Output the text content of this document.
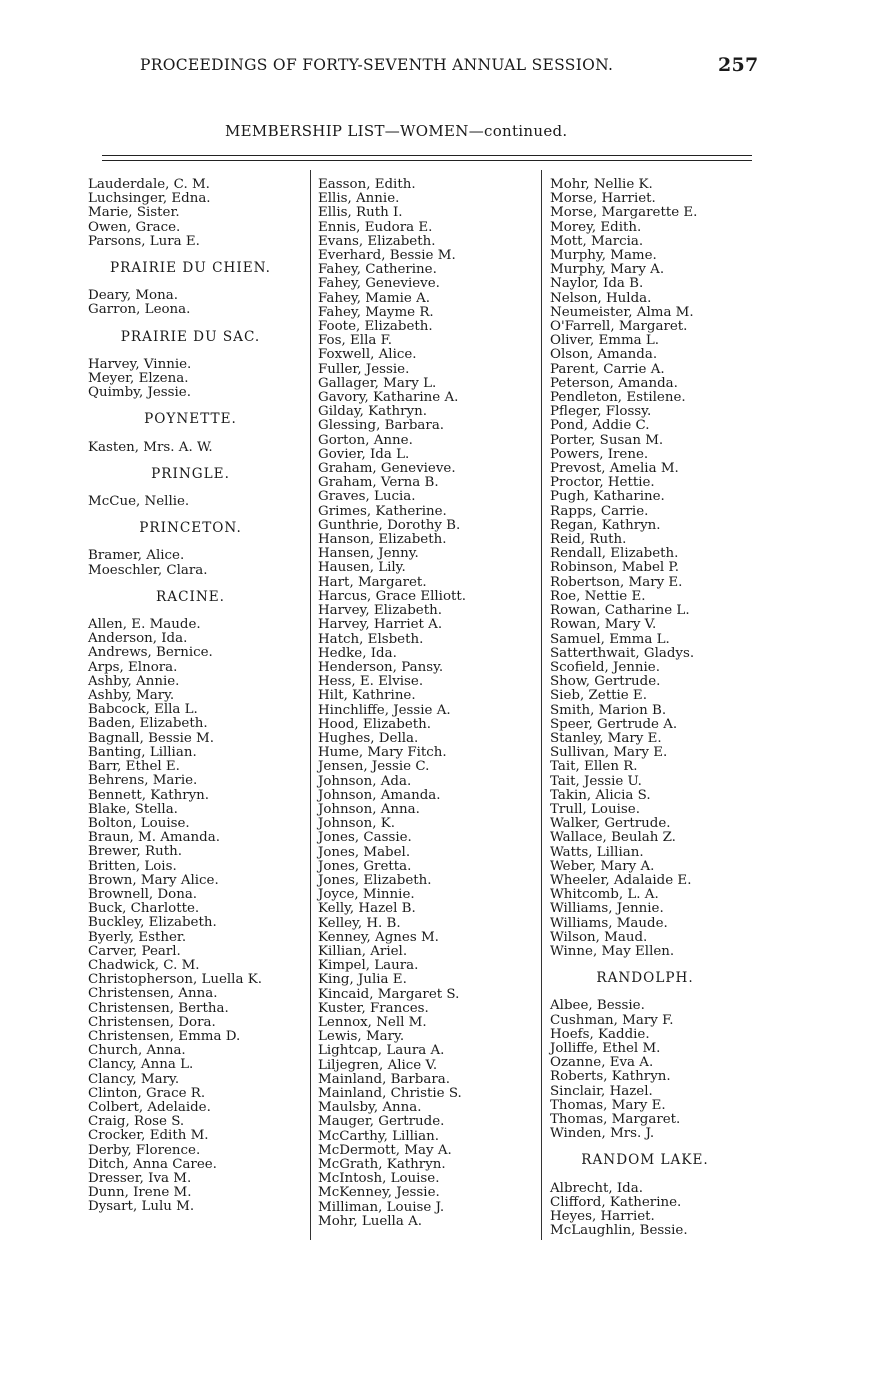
PROCEEDINGS OF FORTY-SEVENTH ANNUAL SESSION.	257
MEMBERSHIP LIST—WOMEN—continued.
Lauderdale, C. M.
Luchsinger, Edna.
Marie, Sister.
Owen, Grace.
Parsons, Lura E.
PRAIRIE DU CHIEN.
Deary, Mona.
Garron, Leona.
PRAIRIE DU SAC.
Harvey, Vinnie.
Meyer, Elzena.
Quimby, Jessie.
POYNETTE.
Kasten, Mrs. A. W.
PRINGLE.
McCue, Nellie.
PRINCETON.
Bramer, Alice.
Moeschler, Clara.
RACINE.
Allen, E. Maude.
Anderson, Ida.
Andrews, Bernice.
Arps, Elnora.
Ashby, Annie.
Ashby, Mary.
Babcock, Ella L.
Baden, Elizabeth.
Bagnall, Bessie M.
Banting, Lillian.
Barr, Ethel E.
Behrens, Marie.
Bennett, Kathryn.
Blake, Stella.
Bolton, Louise.
Braun, M. Amanda.
Brewer, Ruth.
Britten, Lois.
Brown, Mary Alice.
Brownell, Dona.
Buck, Charlotte.
Buckley, Elizabeth.
Byerly, Esther.
Carver, Pearl.
Chadwick, C. M.
Christopherson, Luella K.
Christensen, Anna.
Christensen, Bertha.
Christensen, Dora.
Christensen, Emma D.
Church, Anna.
Clancy, Anna L.
Clancy, Mary.
Clinton, Grace R.
Colbert, Adelaide.
Craig, Rose S.
Crocker, Edith M.
Derby, Florence.
Ditch, Anna Caree.
Dresser, Iva M.
Dunn, Irene M.
Dysart, Lulu M.
Easson, Edith.
Ellis, Annie.
Ellis, Ruth I.
Ennis, Eudora E.
Evans, Elizabeth.
Everhard, Bessie M.
Fahey, Catherine.
Fahey, Genevieve.
Fahey, Mamie A.
Fahey, Mayme R.
Foote, Elizabeth.
Fos, Ella F.
Foxwell, Alice.
Fuller, Jessie.
Gallager, Mary L.
Gavory, Katharine A.
Gilday, Kathryn.
Glessing, Barbara.
Gorton, Anne.
Govier, Ida L.
Graham, Genevieve.
Graham, Verna B.
Graves, Lucia.
Grimes, Katherine.
Gunthrie, Dorothy B.
Hanson, Elizabeth.
Hansen, Jenny.
Hausen, Lily.
Hart, Margaret.
Harcus, Grace Elliott.
Harvey, Elizabeth.
Harvey, Harriet A.
Hatch, Elsbeth.
Hedke, Ida.
Henderson, Pansy.
Hess, E. Elvise.
Hilt, Kathrine.
Hinchliffe, Jessie A.
Hood, Elizabeth.
Hughes, Della.
Hume, Mary Fitch.
Jensen, Jessie C.
Johnson, Ada.
Johnson, Amanda.
Johnson, Anna.
Johnson, K.
Jones, Cassie.
Jones, Mabel.
Jones, Gretta.
Jones, Elizabeth.
Joyce, Minnie.
Kelly, Hazel B.
Kelley, H. B.
Kenney, Agnes M.
Killian, Ariel.
Kimpel, Laura.
King, Julia E.
Kincaid, Margaret S.
Kuster, Frances.
Lennox, Nell M.
Lewis, Mary.
Lightcap, Laura A.
Liljegren, Alice V.
Mainland, Barbara.
Mainland, Christie S.
Maulsby, Anna.
Mauger, Gertrude.
McCarthy, Lillian.
McDermott, May A.
McGrath, Kathryn.
McIntosh, Louise.
McKenney, Jessie.
Milliman, Louise J.
Mohr, Luella A.
Mohr, Nellie K.
Morse, Harriet.
Morse, Margarette E.
Morey, Edith.
Mott, Marcia.
Murphy, Mame.
Murphy, Mary A.
Naylor, Ida B.
Nelson, Hulda.
Neumeister, Alma M.
O'Farrell, Margaret.
Oliver, Emma L.
Olson, Amanda.
Parent, Carrie A.
Peterson, Amanda.
Pendleton, Estilene.
Pfleger, Flossy.
Pond, Addie C.
Porter, Susan M.
Powers, Irene.
Prevost, Amelia M.
Proctor, Hettie.
Pugh, Katharine.
Rapps, Carrie.
Regan, Kathryn.
Reid, Ruth.
Rendall, Elizabeth.
Robinson, Mabel P.
Robertson, Mary E.
Roe, Nettie E.
Rowan, Catharine L.
Rowan, Mary V.
Samuel, Emma L.
Satterthwait, Gladys.
Scofield, Jennie.
Show, Gertrude.
Sieb, Zettie E.
Smith, Marion B.
Speer, Gertrude A.
Stanley, Mary E.
Sullivan, Mary E.
Tait, Ellen R.
Tait, Jessie U.
Takin, Alicia S.
Trull, Louise.
Walker, Gertrude.
Wallace, Beulah Z.
Watts, Lillian.
Weber, Mary A.
Wheeler, Adalaide E.
Whitcomb, L. A.
Williams, Jennie.
Williams, Maude.
Wilson, Maud.
Winne, May Ellen.
RANDOLPH.
Albee, Bessie.
Cushman, Mary F.
Hoefs, Kaddie.
Jolliffe, Ethel M.
Ozanne, Eva A.
Roberts, Kathryn.
Sinclair, Hazel.
Thomas, Mary E.
Thomas, Margaret.
Winden, Mrs. J.
RANDOM LAKE.
Albrecht, Ida.
Clifford, Katherine.
Heyes, Harriet.
McLaughlin, Bessie.
